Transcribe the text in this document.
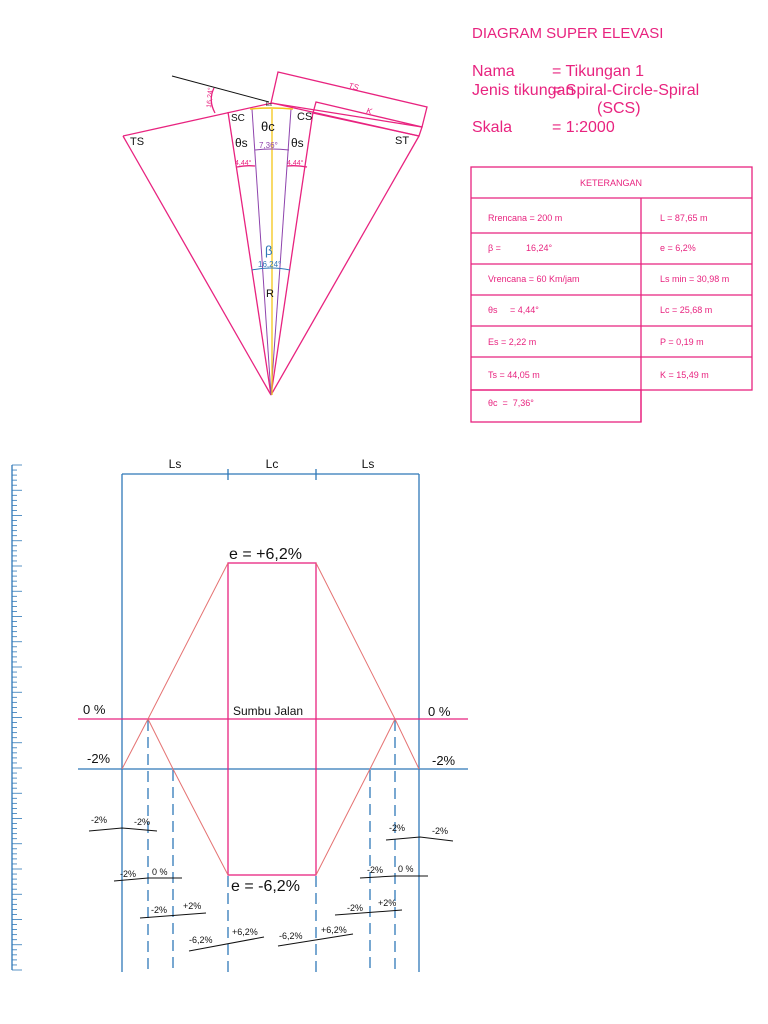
DIAGRAM SUPER ELEVASI
Nama = Tikungan 1
Jenis tikungan
= Spiral-Circle-Spiral
(SCS)
Skala = 1:2000
KETERANGAN
Rrencana = 200 m	L = 87,65 m
β =          16,24°	e = 6,2%
Vrencana = 60 Km/jam	Ls min = 30,98 m
θs     = 4,44°	Lc = 25,68 m
Es = 2,22 m	P = 0,19 m
Ts = 44,05 m	K = 15,49 m
θc  =  7,36°
16,24°
TS
K
Es
TS
SC	CS
ST
θc
θs	θs
7,36°
4,44°	4,44°
β
16,24°
R
Ls	Lc	Ls
e = +6,2%
e = -6,2%
0 %	0 %
-2%	-2%
Sumbu Jalan
-2%	-2%
-2% 0 %
-2% +2%
-6,2%
+6,2% -6,2%
+6,2%
-2% +2%
-2% 0 %
-2%	-2%
